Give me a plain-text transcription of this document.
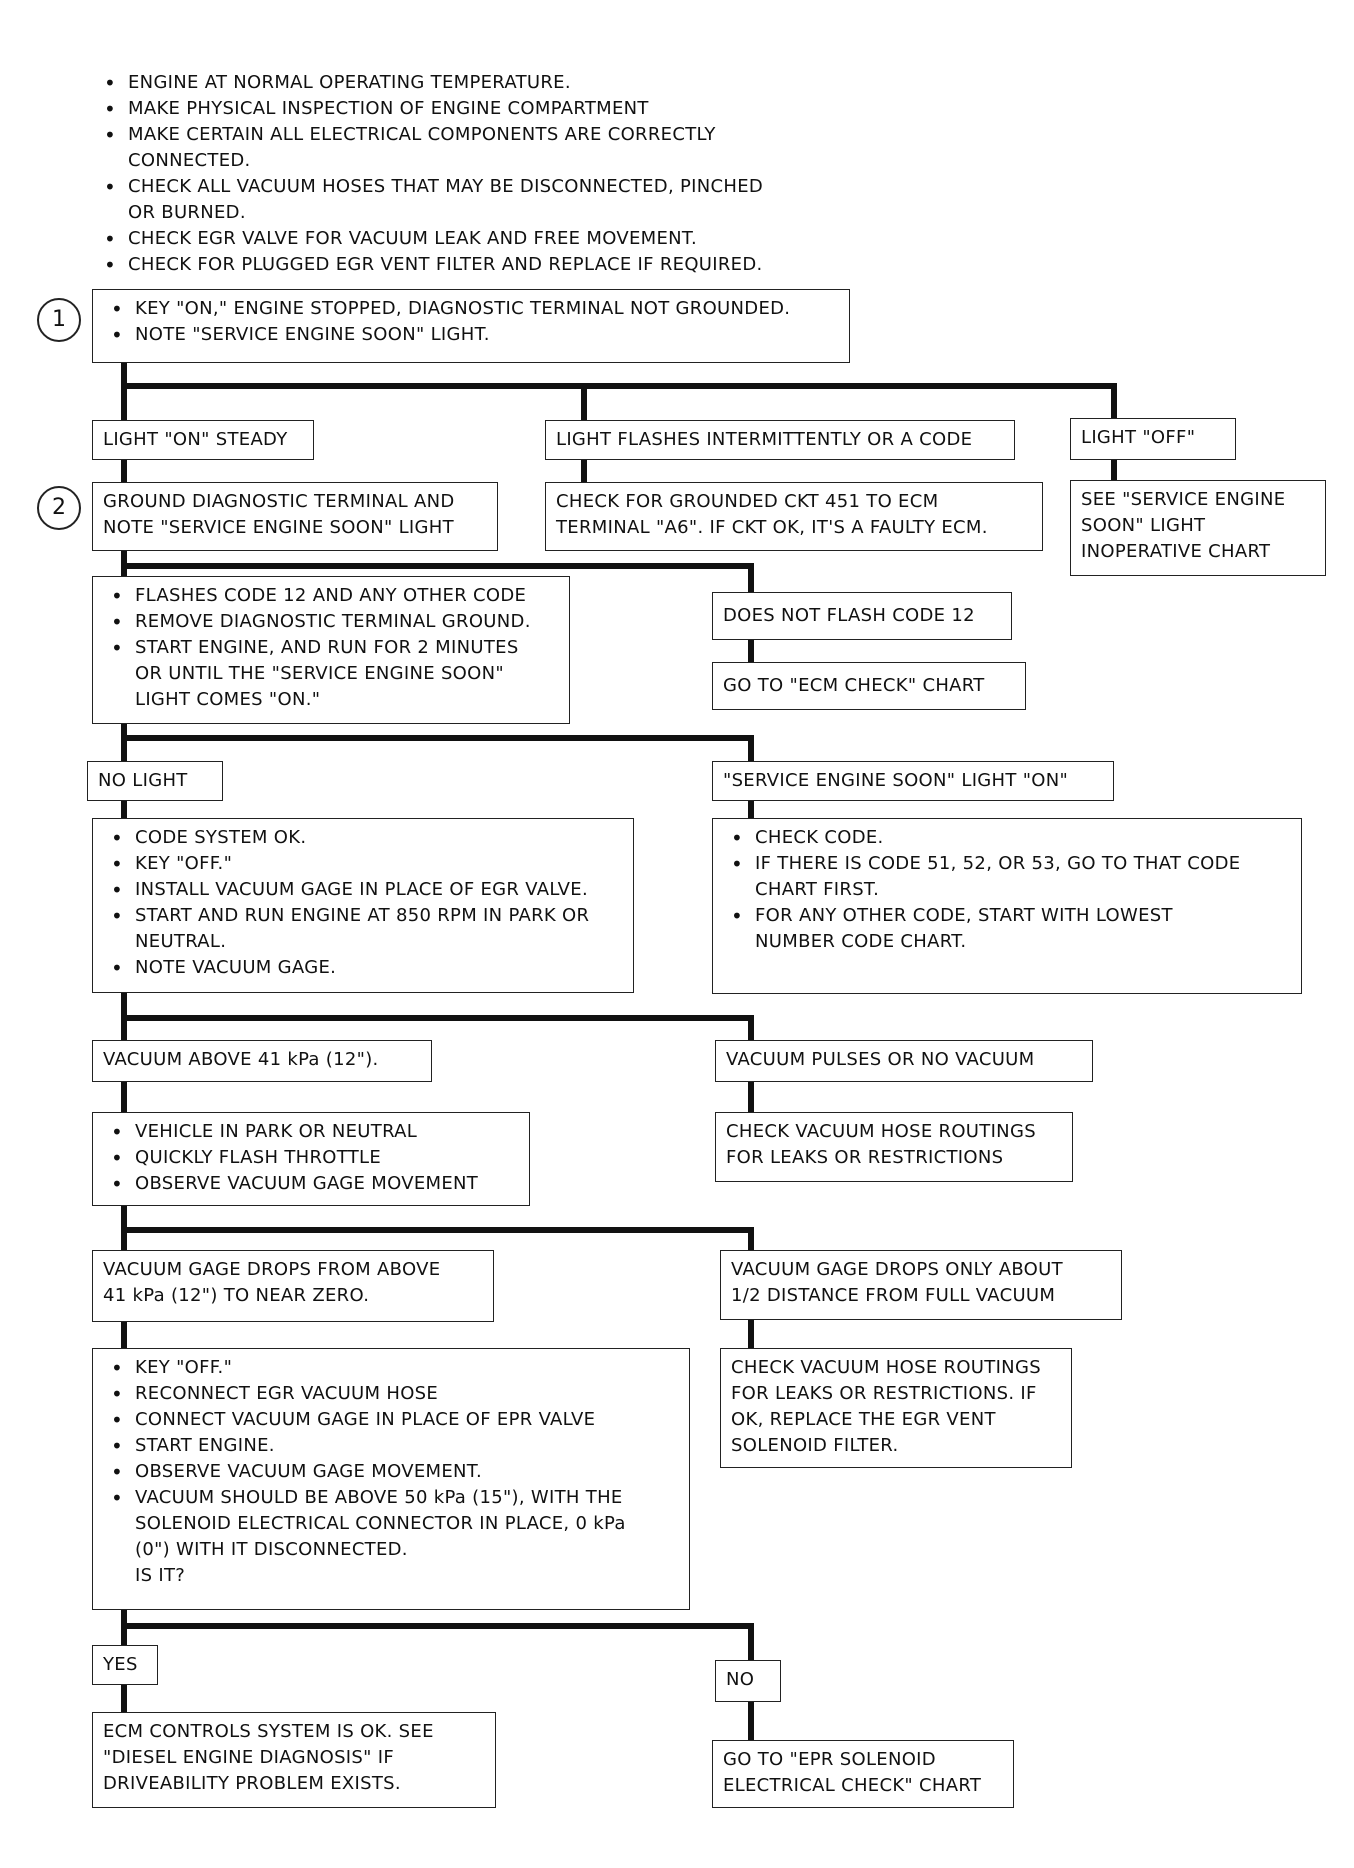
• ENGINE AT NORMAL OPERATING TEMPERATURE.
• MAKE PHYSICAL INSPECTION OF ENGINE COMPARTMENT
• MAKE CERTAIN ALL ELECTRICAL COMPONENTS ARE CORRECTLY
CONNECTED.
• CHECK ALL VACUUM HOSES THAT MAY BE DISCONNECTED, PINCHED
OR BURNED.
• CHECK EGR VALVE FOR VACUUM LEAK AND FREE MOVEMENT.
• CHECK FOR PLUGGED EGR VENT FILTER AND REPLACE IF REQUIRED.
1
•	KEY "ON," ENGINE STOPPED, DIAGNOSTIC TERMINAL NOT GROUNDED.
• NOTE "SERVICE ENGINE SOON" LIGHT.
LIGHT "ON" STEADY	LIGHT FLASHES INTERMITTENTLY OR A CODE	LIGHT "OFF"
2	GROUND DIAGNOSTIC TERMINAL AND
NOTE "SERVICE ENGINE SOON" LIGHT
CHECK FOR GROUNDED CKT 451 TO ECM
TERMINAL "A6". IF CKT OK, IT'S A FAULTY ECM.
SEE "SERVICE ENGINE
SOON" LIGHT
INOPERATIVE CHART
• FLASHES CODE 12 AND ANY OTHER CODE
• REMOVE DIAGNOSTIC TERMINAL GROUND.
• START ENGINE, AND RUN FOR 2 MINUTES
OR UNTIL THE "SERVICE ENGINE SOON"
LIGHT COMES "ON."
DOES NOT FLASH CODE 12
GO TO "ECM CHECK" CHART
NO LIGHT	"SERVICE ENGINE SOON" LIGHT "ON"
• CODE SYSTEM OK.
• KEY "OFF."
• INSTALL VACUUM GAGE IN PLACE OF EGR VALVE.
• START AND RUN ENGINE AT 850 RPM IN PARK OR
NEUTRAL.
• NOTE VACUUM GAGE.
• CHECK CODE.
• IF THERE IS CODE 51, 52, OR 53, GO TO THAT CODE
CHART FIRST.
• FOR ANY OTHER CODE, START WITH LOWEST
NUMBER CODE CHART.
VACUUM ABOVE 41 kPa (12").	VACUUM PULSES OR NO VACUUM
• VEHICLE IN PARK OR NEUTRAL
• QUICKLY FLASH THROTTLE
• OBSERVE VACUUM GAGE MOVEMENT
CHECK VACUUM HOSE ROUTINGS
FOR LEAKS OR RESTRICTIONS
VACUUM GAGE DROPS FROM ABOVE
41 kPa (12") TO NEAR ZERO.
VACUUM GAGE DROPS ONLY ABOUT
1/2 DISTANCE FROM FULL VACUUM
• KEY "OFF."
• RECONNECT EGR VACUUM HOSE
• CONNECT VACUUM GAGE IN PLACE OF EPR VALVE
• START ENGINE.
• OBSERVE VACUUM GAGE MOVEMENT.
• VACUUM SHOULD BE ABOVE 50 kPa (15"), WITH THE
SOLENOID ELECTRICAL CONNECTOR IN PLACE, 0 kPa
(0") WITH IT DISCONNECTED.
IS IT?
CHECK VACUUM HOSE ROUTINGS
FOR LEAKS OR RESTRICTIONS. IF
OK, REPLACE THE EGR VENT
SOLENOID FILTER.
YES
NO
ECM CONTROLS SYSTEM IS OK. SEE
"DIESEL ENGINE DIAGNOSIS" IF
DRIVEABILITY PROBLEM EXISTS.
GO TO "EPR SOLENOID
ELECTRICAL CHECK" CHART
